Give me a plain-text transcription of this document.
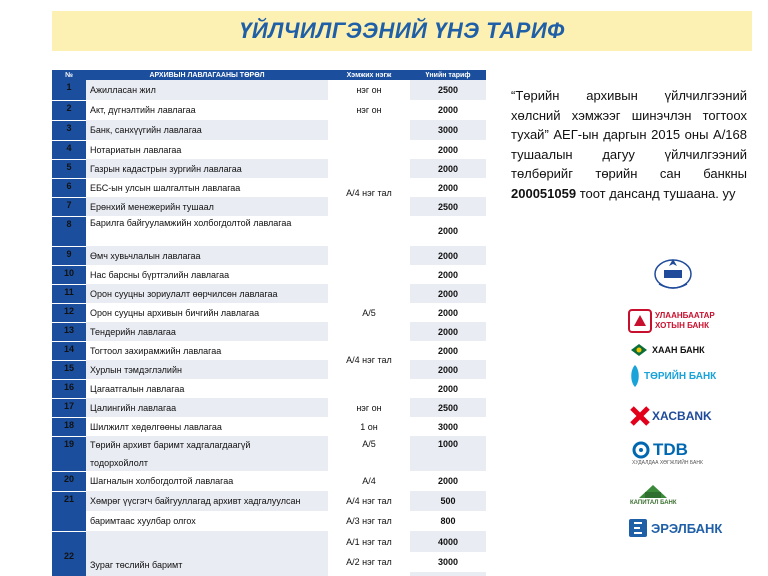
ҮЙЛЧИЛГЭЭНИЙ ҮНЭ ТАРИФ
№	АРХИВЫН ЛАВЛАГААНЫ ТӨРӨЛ	Хэмжих нэгж	Үнийн тариф
1	Ажилласан жил	нэг он	2500
2	Акт, дүгнэлтийн лавлагаа	нэг он	2000
3	Банк, санхүүгийн лавлагаа		3000
4	Нотариатын лавлагаа	А/4 нэг тал	2000
5	Газрын кадастрын зургийн лавлагаа		2000
6	ЕБС-ын улсын шалгалтын лавлагаа		2000
7	Ерөнхий менежерийн тушаал		2500
8	Барилга байгууламжийн холбогдолтой лавлагаа		2000
9	Өмч хувьчлалын лавлагаа		2000
10	Нас барсны бүртгэлийн лавлагаа		2000
11	Орон сууцны зориулалт өөрчилсөн лавлагаа		2000
12	Орон сууцны архивын бичгийн лавлагаа	А/5	2000
13	Тендерийн лавлагаа	А/4 нэг тал	2000
14	Тогтоол захирамжийн лавлагаа		2000
15	Хурлын тэмдэглэлийн		2000
16	Цагаатгалын лавлагаа		2000
17	Цалингийн лавлагаа	нэг он	2500
18	Шилжилт хөдөлгөөны лавлагаа	1 он	3000
19	Төрийн архивт баримт хадгалагдаагүй	А/5	1000
	тодорхойлолт		
20	Шагналын холбогдолтой лавлагаа	А/4	2000
21	Хөмрөг үүсгэгч байгууллагад архивт хадгалуулсан	А/4 нэг тал	500
	баримтаас хуулбар олгох	А/3 нэг тал	800
22	Зураг төслийн баримт	А/1 нэг тал	4000
		А/2 нэг тал	3000

“Төрийн архивын үйлчилгээний хөлсний хэмжээг шинэчлэн тогтоох тухай” АЕГ-ын даргын 2015 оны А/168 тушаалын дагуу үйлчилгээний төлбөрийг төрийн сан банкны 200051059 тоот дансанд тушаана. уу

УЛААНБААТАР
ХОТЫН БАНК
ХААН БАНК
ТӨРИЙН БАНК
ХАСBANK
TDB
ХУДАЛДАА ХӨГЖЛИЙН БАНК
КАПИТАЛ БАНК
ЭРЭЛБАНК
